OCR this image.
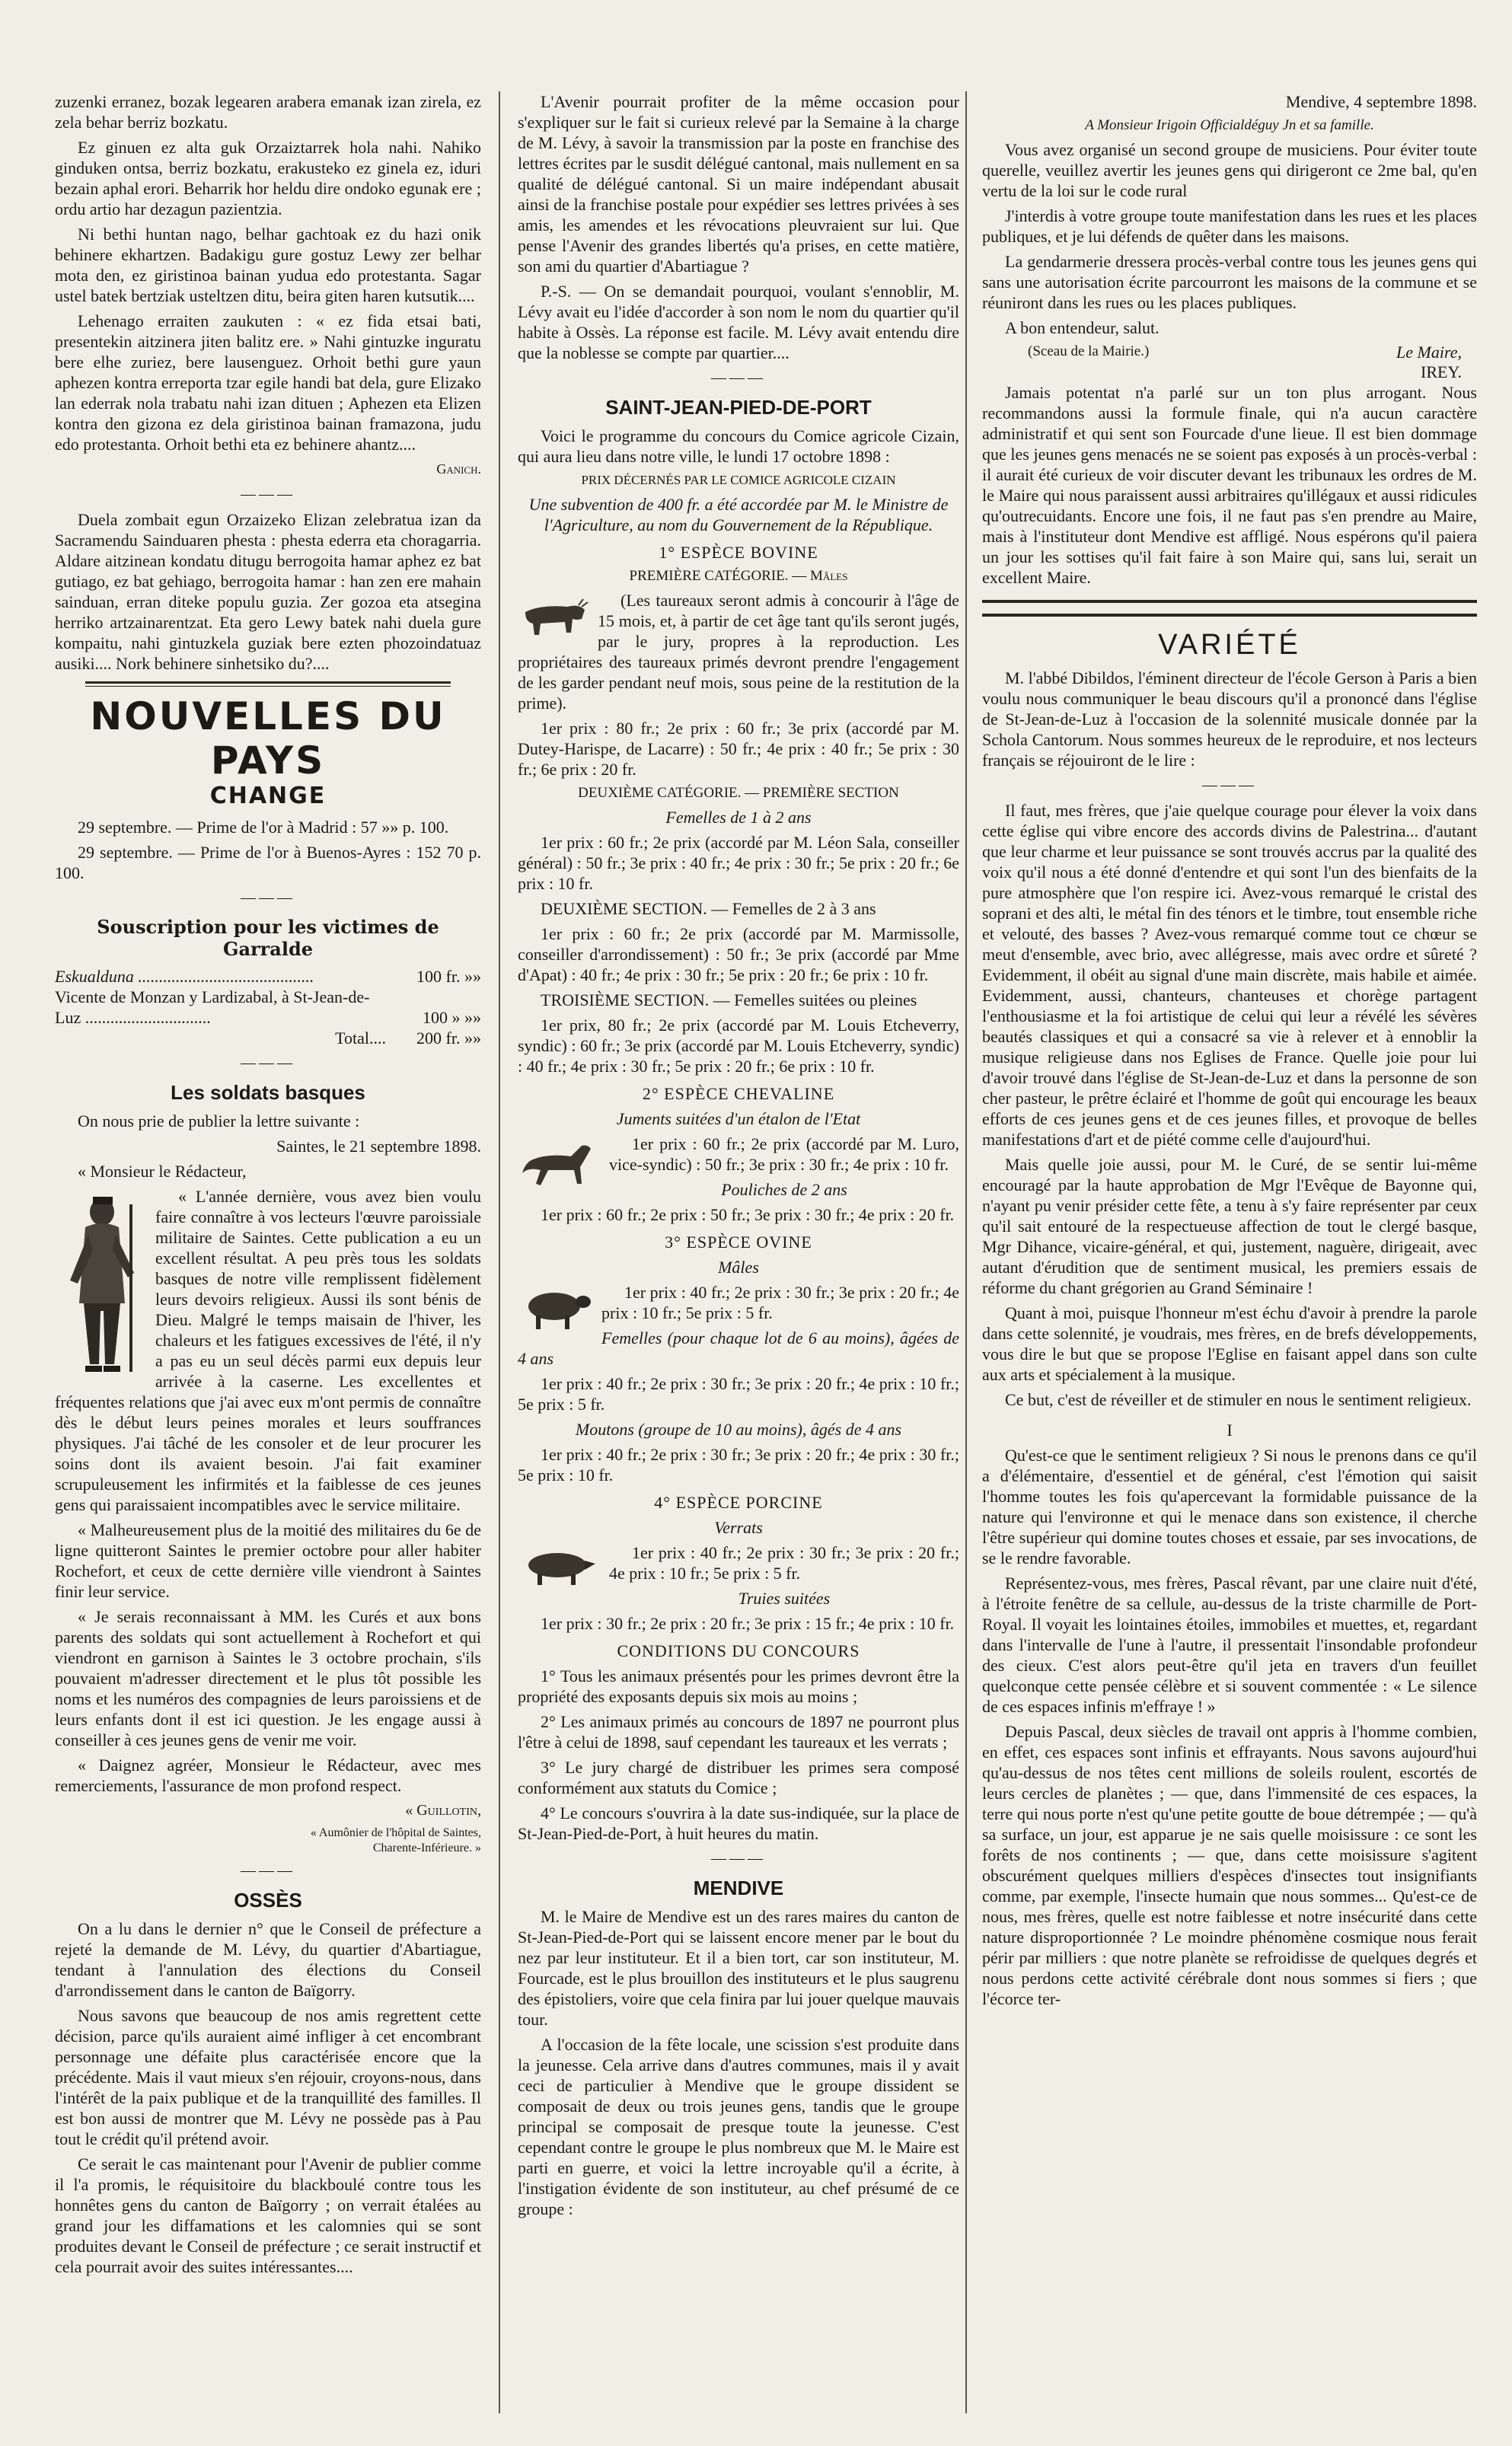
zuzenki erranez, bozak legearen arabera emanak izan zirela, ez zela behar berriz bozkatu.

Ez ginuen ez alta guk Orzaiztarrek hola nahi. Nahiko ginduken ontsa, berriz bozkatu, erakusteko ez ginela ez, iduri bezain aphal erori. Beharrik hor heldu dire ondoko egunak ere ; ordu artio har dezagun pazientzia.

Ni bethi huntan nago, belhar gachtoak ez du hazi onik behinere ekhartzen. Badakigu gure gostuz Lewy zer belhar mota den, ez giristinoa bainan yudua edo protestanta. Sagar ustel batek bertziak usteltzen ditu, beira giten haren kutsutik....

Lehenago erraiten zaukuten : « ez fida etsai bati, presentekin aitzinera jiten balitz ere. » Nahi gintuzke inguratu bere elhe zuriez, bere lausenguez. Orhoit bethi gure yaun aphezen kontra erreporta tzar egile handi bat dela, gure Elizako lan ederrak nola trabatu nahi izan dituen ; Aphezen eta Elizen kontra den gizona ez dela giristinoa bainan framazona, judu edo protestanta. Orhoit bethi eta ez behinere ahantz....

Ganich.

———

Duela zombait egun Orzaizeko Elizan zelebratua izan da Sacramendu Sainduaren phesta : phesta ederra eta choragarria. Aldare aitzinean kondatu ditugu berrogoita hamar aphez ez bat gutiago, ez bat gehiago, berrogoita hamar : han zen ere mahain sainduan, erran diteke populu guzia. Zer gozoa eta atsegina herriko artzainarentzat. Eta gero Lewy batek nahi duela gure kompaitu, nahi gintuzkela guziak bere ezten phozoindatuaz ausiki.... Nork behinere sinhetsiko du?....

NOUVELLES DU PAYS
CHANGE

29 septembre. — Prime de l'or à Madrid : 57 »» p. 100.

29 septembre. — Prime de l'or à Buenos-Ayres : 152 70 p. 100.

———
Souscription pour les victimes de Garralde
Eskualduna ..........................................	100 fr. »»
Vicente de Monzan y Lardizabal, à St-Jean-de-Luz ..............................	100 » »»
Total.... 200 fr. »»
———
Les soldats basques

On nous prie de publier la lettre suivante :

Saintes, le 21 septembre 1898.

« Monsieur le Rédacteur,

« L'année dernière, vous avez bien voulu faire connaître à vos lecteurs l'œuvre paroissiale militaire de Saintes. Cette publication a eu un excellent résultat. A peu près tous les soldats basques de notre ville remplissent fidèlement leurs devoirs religieux. Aussi ils sont bénis de Dieu. Malgré le temps maisain de l'hiver, les chaleurs et les fatigues excessives de l'été, il n'y a pas eu un seul décès parmi eux depuis leur arrivée à la caserne. Les excellentes et fréquentes relations que j'ai avec eux m'ont permis de connaître dès le début leurs peines morales et leurs souffrances physiques. J'ai tâché de les consoler et de leur procurer les soins dont ils avaient besoin. J'ai fait examiner scrupuleusement les infirmités et la faiblesse de ces jeunes gens qui paraissaient incompatibles avec le service militaire.

« Malheureusement plus de la moitié des militaires du 6e de ligne quitteront Saintes le premier octobre pour aller habiter Rochefort, et ceux de cette dernière ville viendront à Saintes finir leur service.

« Je serais reconnaissant à MM. les Curés et aux bons parents des soldats qui sont actuellement à Rochefort et qui viendront en garnison à Saintes le 3 octobre prochain, s'ils pouvaient m'adresser directement et le plus tôt possible les noms et les numéros des compagnies de leurs paroissiens et de leurs enfants dont il est ici question. Je les engage aussi à conseiller à ces jeunes gens de venir me voir.

« Daignez agréer, Monsieur le Rédacteur, avec mes remerciements, l'assurance de mon profond respect.

« Guillotin,

« Aumônier de l'hôpital de Saintes,

Charente-Inférieure. »

———
OSSÈS

On a lu dans le dernier n° que le Conseil de préfecture a rejeté la demande de M. Lévy, du quartier d'Abartiague, tendant à l'annulation des élections du Conseil d'arrondissement dans le canton de Baïgorry.

Nous savons que beaucoup de nos amis regrettent cette décision, parce qu'ils auraient aimé infliger à cet encombrant personnage une défaite plus caractérisée encore que la précédente. Mais il vaut mieux s'en réjouir, croyons-nous, dans l'intérêt de la paix publique et de la tranquillité des familles. Il est bon aussi de montrer que M. Lévy ne possède pas à Pau tout le crédit qu'il prétend avoir.

Ce serait le cas maintenant pour l'Avenir de publier comme il l'a promis, le réquisitoire du blackboulé contre tous les honnêtes gens du canton de Baïgorry ; on verrait étalées au grand jour les diffamations et les calomnies qui se sont produites devant le Conseil de préfecture ; ce serait instructif et cela pourrait avoir des suites intéressantes....

L'Avenir pourrait profiter de la même occasion pour s'expliquer sur le fait si curieux relevé par la Semaine à la charge de M. Lévy, à savoir la transmission par la poste en franchise des lettres écrites par le susdit délégué cantonal, mais nullement en sa qualité de délégué cantonal. Si un maire indépendant abusait ainsi de la franchise postale pour expédier ses lettres privées à ses amis, les amendes et les révocations pleuvraient sur lui. Que pense l'Avenir des grandes libertés qu'a prises, en cette matière, son ami du quartier d'Abartiague ?

P.-S. — On se demandait pourquoi, voulant s'ennoblir, M. Lévy avait eu l'idée d'accorder à son nom le nom du quartier qu'il habite à Ossès. La réponse est facile. M. Lévy avait entendu dire que la noblesse se compte par quartier....

———
SAINT-JEAN-PIED-DE-PORT

Voici le programme du concours du Comice agricole Cizain, qui aura lieu dans notre ville, le lundi 17 octobre 1898 :

PRIX DÉCERNÉS PAR LE COMICE AGRICOLE CIZAIN

Une subvention de 400 fr. a été accordée par M. le Ministre de l'Agriculture, au nom du Gouvernement de la République.

1° ESPÈCE BOVINE

PREMIÈRE CATÉGORIE. — Mâles

(Les taureaux seront admis à concourir à l'âge de 15 mois, et, à partir de cet âge tant qu'ils seront jugés, par le jury, propres à la reproduction. Les propriétaires des taureaux primés devront prendre l'engagement de les garder pendant neuf mois, sous peine de la restitution de la prime).

1er prix : 80 fr.; 2e prix : 60 fr.; 3e prix (accordé par M. Dutey-Harispe, de Lacarre) : 50 fr.; 4e prix : 40 fr.; 5e prix : 30 fr.; 6e prix : 20 fr.

DEUXIÈME CATÉGORIE. — PREMIÈRE SECTION

Femelles de 1 à 2 ans

1er prix : 60 fr.; 2e prix (accordé par M. Léon Sala, conseiller général) : 50 fr.; 3e prix : 40 fr.; 4e prix : 30 fr.; 5e prix : 20 fr.; 6e prix : 10 fr.

DEUXIÈME SECTION. — Femelles de 2 à 3 ans

1er prix : 60 fr.; 2e prix (accordé par M. Marmissolle, conseiller d'arrondissement) : 50 fr.; 3e prix (accordé par Mme d'Apat) : 40 fr.; 4e prix : 30 fr.; 5e prix : 20 fr.; 6e prix : 10 fr.

TROISIÈME SECTION. — Femelles suitées ou pleines

1er prix, 80 fr.; 2e prix (accordé par M. Louis Etcheverry, syndic) : 60 fr.; 3e prix (accordé par M. Louis Etcheverry, syndic) : 40 fr.; 4e prix : 30 fr.; 5e prix : 20 fr.; 6e prix : 10 fr.

2° ESPÈCE CHEVALINE

Juments suitées d'un étalon de l'Etat

1er prix : 60 fr.; 2e prix (accordé par M. Luro, vice-syndic) : 50 fr.; 3e prix : 30 fr.; 4e prix : 10 fr.

Pouliches de 2 ans

1er prix : 60 fr.; 2e prix : 50 fr.; 3e prix : 30 fr.; 4e prix : 20 fr.

3° ESPÈCE OVINE

Mâles

1er prix : 40 fr.; 2e prix : 30 fr.; 3e prix : 20 fr.; 4e prix : 10 fr.; 5e prix : 5 fr.

Femelles (pour chaque lot de 6 au moins), âgées de 4 ans

1er prix : 40 fr.; 2e prix : 30 fr.; 3e prix : 20 fr.; 4e prix : 10 fr.; 5e prix : 5 fr.

Moutons (groupe de 10 au moins), âgés de 4 ans

1er prix : 40 fr.; 2e prix : 30 fr.; 3e prix : 20 fr.; 4e prix : 30 fr.; 5e prix : 10 fr.

4° ESPÈCE PORCINE

Verrats

1er prix : 40 fr.; 2e prix : 30 fr.; 3e prix : 20 fr.; 4e prix : 10 fr.; 5e prix : 5 fr.

Truies suitées

1er prix : 30 fr.; 2e prix : 20 fr.; 3e prix : 15 fr.; 4e prix : 10 fr.

CONDITIONS DU CONCOURS

1° Tous les animaux présentés pour les primes devront être la propriété des exposants depuis six mois au moins ;

2° Les animaux primés au concours de 1897 ne pourront plus l'être à celui de 1898, sauf cependant les taureaux et les verrats ;

3° Le jury chargé de distribuer les primes sera composé conformément aux statuts du Comice ;

4° Le concours s'ouvrira à la date sus-indiquée, sur la place de St-Jean-Pied-de-Port, à huit heures du matin.

———
MENDIVE

M. le Maire de Mendive est un des rares maires du canton de St-Jean-Pied-de-Port qui se laissent encore mener par le bout du nez par leur instituteur. Et il a bien tort, car son instituteur, M. Fourcade, est le plus brouillon des instituteurs et le plus saugrenu des épistoliers, voire que cela finira par lui jouer quelque mauvais tour.

A l'occasion de la fête locale, une scission s'est produite dans la jeunesse. Cela arrive dans d'autres communes, mais il y avait ceci de particulier à Mendive que le groupe dissident se composait de deux ou trois jeunes gens, tandis que le groupe principal se composait de presque toute la jeunesse. C'est cependant contre le groupe le plus nombreux que M. le Maire est parti en guerre, et voici la lettre incroyable qu'il a écrite, à l'instigation évidente de son instituteur, au chef présumé de ce groupe :

Mendive, 4 septembre 1898.

A Monsieur Irigoin Officialdéguy Jn et sa famille.

Vous avez organisé un second groupe de musiciens. Pour éviter toute querelle, veuillez avertir les jeunes gens qui dirigeront ce 2me bal, qu'en vertu de la loi sur le code rural

J'interdis à votre groupe toute manifestation dans les rues et les places publiques, et je lui défends de quêter dans les maisons.

La gendarmerie dressera procès-verbal contre tous les jeunes gens qui sans une autorisation écrite parcourront les maisons de la commune et se réuniront dans les rues ou les places publiques.

A bon entendeur, salut.

(Sceau de la Mairie.)	Le Maire,
IREY.

Jamais potentat n'a parlé sur un ton plus arrogant. Nous recommandons aussi la formule finale, qui n'a aucun caractère administratif et qui sent son Fourcade d'une lieue. Il est bien dommage que les jeunes gens menacés ne se soient pas exposés à un procès-verbal : il aurait été curieux de voir discuter devant les tribunaux les ordres de M. le Maire qui nous paraissent aussi arbitraires qu'illégaux et aussi ridicules qu'outrecuidants. Encore une fois, il ne faut pas s'en prendre au Maire, mais à l'instituteur dont Mendive est affligé. Nous espérons qu'il paiera un jour les sottises qu'il fait faire à son Maire qui, sans lui, serait un excellent Maire.

VARIÉTÉ

M. l'abbé Dibildos, l'éminent directeur de l'école Gerson à Paris a bien voulu nous communiquer le beau discours qu'il a prononcé dans l'église de St-Jean-de-Luz à l'occasion de la solennité musicale donnée par la Schola Cantorum. Nous sommes heureux de le reproduire, et nos lecteurs français se réjouiront de le lire :

———

Il faut, mes frères, que j'aie quelque courage pour élever la voix dans cette église qui vibre encore des accords divins de Palestrina... d'autant que leur charme et leur puissance se sont trouvés accrus par la qualité des voix qu'il nous a été donné d'entendre et qui sont l'un des bienfaits de la pure atmosphère que l'on respire ici. Avez-vous remarqué le cristal des soprani et des alti, le métal fin des ténors et le timbre, tout ensemble riche et velouté, des basses ? Avez-vous remarqué comme tout ce chœur se meut d'ensemble, avec brio, avec allégresse, mais avec ordre et sûreté ? Evidemment, il obéit au signal d'une main discrète, mais habile et aimée. Evidemment, aussi, chanteurs, chanteuses et chorège partagent l'enthousiasme et la foi artistique de celui qui leur a révélé les sévères beautés classiques et qui a consacré sa vie à relever et à ennoblir la musique religieuse dans nos Eglises de France. Quelle joie pour lui d'avoir trouvé dans l'église de St-Jean-de-Luz et dans la personne de son cher pasteur, le prêtre éclairé et l'homme de goût qui encourage les beaux efforts de ces jeunes gens et de ces jeunes filles, et provoque de belles manifestations d'art et de piété comme celle d'aujourd'hui.

Mais quelle joie aussi, pour M. le Curé, de se sentir lui-même encouragé par la haute approbation de Mgr l'Evêque de Bayonne qui, n'ayant pu venir présider cette fête, a tenu à s'y faire représenter par ceux qu'il sait entouré de la respectueuse affection de tout le clergé basque, Mgr Dihance, vicaire-général, et qui, justement, naguère, dirigeait, avec autant d'érudition que de sentiment musical, les premiers essais de réforme du chant grégorien au Grand Séminaire !

Quant à moi, puisque l'honneur m'est échu d'avoir à prendre la parole dans cette solennité, je voudrais, mes frères, en de brefs développements, vous dire le but que se propose l'Eglise en faisant appel dans son culte aux arts et spécialement à la musique.

Ce but, c'est de réveiller et de stimuler en nous le sentiment religieux.

I

Qu'est-ce que le sentiment religieux ? Si nous le prenons dans ce qu'il a d'élémentaire, d'essentiel et de général, c'est l'émotion qui saisit l'homme toutes les fois qu'apercevant la formidable puissance de la nature qui l'environne et qui le menace dans son existence, il cherche l'être supérieur qui domine toutes choses et essaie, par ses invocations, de se le rendre favorable.

Représentez-vous, mes frères, Pascal rêvant, par une claire nuit d'été, à l'étroite fenêtre de sa cellule, au-dessus de la triste charmille de Port-Royal. Il voyait les lointaines étoiles, immobiles et muettes, et, regardant dans l'intervalle de l'une à l'autre, il pressentait l'insondable profondeur des cieux. C'est alors peut-être qu'il jeta en travers d'un feuillet quelconque cette pensée célèbre et si souvent commentée : « Le silence de ces espaces infinis m'effraye ! »

Depuis Pascal, deux siècles de travail ont appris à l'homme combien, en effet, ces espaces sont infinis et effrayants. Nous savons aujourd'hui qu'au-dessus de nos têtes cent millions de soleils roulent, escortés de leurs cercles de planètes ; — que, dans l'immensité de ces espaces, la terre qui nous porte n'est qu'une petite goutte de boue détrempée ; — qu'à sa surface, un jour, est apparue je ne sais quelle moisissure : ce sont les forêts de nos continents ; — que, dans cette moisissure s'agitent obscurément quelques milliers d'espèces d'insectes tout insignifiants comme, par exemple, l'insecte humain que nous sommes... Qu'est-ce de nous, mes frères, quelle est notre faiblesse et notre insécurité dans cette nature disproportionnée ? Le moindre phénomène cosmique nous ferait périr par milliers : que notre planète se refroidisse de quelques degrés et nous perdons cette activité cérébrale dont nous sommes si fiers ; que l'écorce ter-
